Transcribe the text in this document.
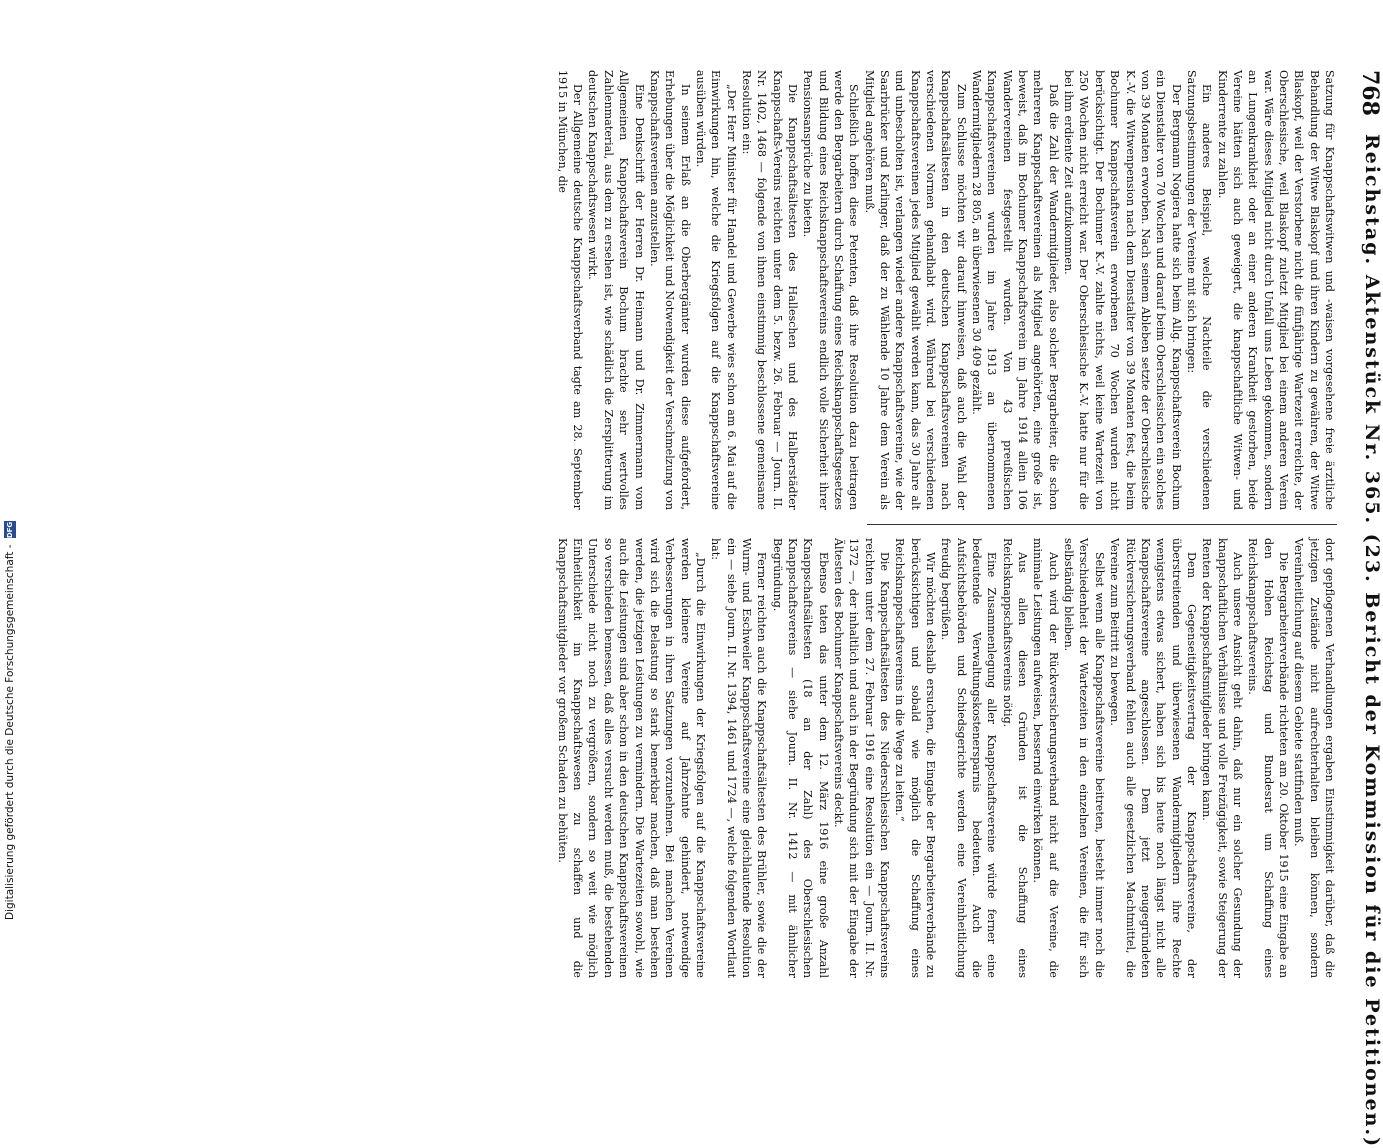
768
Reichstag. Aktenstück Nr. 365. (23. Bericht der Kommission für die Petitionen.)

Satzung für Knappschaftswitwen und -waisen vorgesehene freie ärztliche Behandlung der Witwe Blaskopf und ihren Kindern zu gewähren, der Witwe Blaskopf, weil der Verstorbene nicht die fünfjährige Wartezeit erreichte, der Oberschlesische, weil Blaskopf zuletzt Mitglied bei einem anderen Verein war. Wäre dieses Mitglied nicht durch Unfall ums Leben gekommen, sondern an Lungenkrankheit oder an einer anderen Krankheit gestorben, beide Vereine hätten sich auch geweigert, die knappschaftliche Witwen- und Kinderrente zu zahlen.

Ein anderes Beispiel, welche Nachteile die verschiedenen Satzungsbestimmungen der Vereine mit sich bringen:

Der Bergmann Nogiera hatte sich beim Allg. Knappschaftsverein Bochum ein Dienstalter von 70 Wochen und darauf beim Oberschlesischen ein solches von 39 Monaten erworben. Nach seinem Ableben setzte der Oberschlesische K.-V. die Witwenpension nach dem Dienstalter von 39 Monaten fest, die beim Bochumer Knappschaftsverein erworbenen 70 Wochen wurden nicht berücksichtigt. Der Bochumer K.-V. zahlte nichts, weil keine Wartezeit von 250 Wochen nicht erreicht war. Der Oberschlesische K.-V. hatte nur für die bei ihm erdiente Zeit aufzukommen.

Daß die Zahl der Wandermitglieder, also solcher Bergarbeiter, die schon mehreren Knappschaftsvereinen als Mitglied angehörten, eine große ist, beweist, daß im Bochumer Knappschaftsverein im Jahre 1914 allein 106 Wandervereinen festgestellt wurden. Von 43 preußischen Knappschaftsvereinen wurden im Jahre 1913 an übernommenen Wandermitgliedern 28 805, an überwiesenen 30 409 gezählt.

Zum Schlusse möchten wir darauf hinweisen, daß auch die Wahl der Knappschaftsältesten in den deutschen Knappschaftsvereinen nach verschiedenen Normen gehandhabt wird. Während bei verschiedenen Knappschaftsvereinen jedes Mitglied gewählt werden kann, das 30 Jahre alt und unbescholten ist, verlangen wieder andere Knappschaftsvereine, wie der Saarbrücker und Karlinger, daß der zu Wählende 10 Jahre dem Verein als Mitglied angehören muß.

Schließlich hoffen diese Petenten, daß ihre Resolution dazu beitragen werde den Bergarbeitern durch Schaffung eines Reichsknappschaftsgesetzes und Bildung eines Reichsknappschaftsvereins endlich volle Sicherheit ihrer Pensionsansprüche zu bieten.

Die Knappschaftsältesten des Halleschen und des Halberstädter Knappschafts-Vereins reichten unter dem 5. bezw. 26. Februar — Journ. II. Nr. 1402, 1468 — folgende von ihnen einstimmig beschlossene gemeinsame Resolution ein:

„Der Herr Minister für Handel und Gewerbe wies schon am 6. Mai auf die Einwirkungen hin, welche die Kriegsfolgen auf die Knappschaftsvereine ausüben würden.

In seinem Erlaß an die Oberbergämter wurden diese aufgefordert, Erhebungen über die Möglichkeit und Notwendigkeit der Verschmelzung von Knappschaftsvereinen anzustellen.

Eine Denkschrift der Herren Dr. Heimann und Dr. Zimmermann vom Allgemeinen Knappschaftsverein Bochum brachte sehr wertvolles Zahlenmaterial, aus dem zu ersehen ist, wie schädlich die Zersplitterung im deutschen Knappschaftswesen wirkt.

Der Allgemeine deutsche Knappschaftsverband tagte am 28. September 1915 in München, die

dort gepflogenen Verhandlungen ergaben Einstimmigkeit darüber, daß die jetzigen Zustände nicht aufrechterhalten bleiben können, sondern Vereinheitlichung auf diesem Gebiete stattfinden muß.

Die Bergarbeiterverbände richteten am 20. Oktober 1915 eine Eingabe an den Hohen Reichstag und Bundesrat um Schaffung eines Reichsknappschaftsvereins.

Auch unsere Ansicht geht dahin, daß nur ein solcher Gesundung der knappschaftlichen Verhältnisse und volle Freizügigkeit, sowie Steigerung der Renten der Knappschaftsmitglieder bringen kann.

Dem Gegenseitigkeitsvertrag der Knappschaftsvereine, der überstreitenden und überwiesenen Wandermitgliedern ihre Rechte wenigstens etwas sichert, haben sich bis heute noch längst nicht alle Knappschaftsvereine angeschlossen. Dem jetzt neugegründeten Rückversicherungsverband fehlen auch alle gesetzlichen Machtmittel, die Vereine zum Beitritt zu bewegen.

Selbst wenn alle Knappschaftsvereine beitreten, besteht immer noch die Verschiedenheit der Wartezeiten in den einzelnen Vereinen, die für sich selbständig bleiben.

Auch wird der Rückversicherungsverband nicht auf die Vereine, die minimale Leistungen aufweisen, bessernd einwirken können.

Aus allen diesen Gründen ist die Schaffung eines Reichsknappschaftsvereins nötig.

Eine Zusammenlegung aller Knappschaftsvereine würde ferner eine bedeutende Verwaltungskostenersparnis bedeuten. Auch die Aufsichtsbehörden und Schiedsgerichte werden eine Vereinheitlichung freudig begrüßen.

Wir möchten deshalb ersuchen, die Eingabe der Bergarbeiterverbände zu berücksichtigen und sobald wie möglich die Schaffung eines Reichsknappschaftsvereins in die Wege zu leiten.“

Die Knappschaftsältesten des Niederschlesischen Knappschaftsvereins reichten unter dem 27. Februar 1916 eine Resolution ein — Journ. II. Nr. 1372 —, der inhaltlich und auch in der Begründung sich mit der Eingabe der Ältesten des Bochumer Knappschaftsvereins deckt.

Ebenso taten das unter dem 12. März 1916 eine große Anzahl Knappschaftsältesten (18 an der Zahl) des Oberschlesischen Knappschaftsvereins — siehe Journ. II. Nr. 1412 — mit ähnlicher Begründung.

Ferner reichten auch die Knappschaftsältesten des Brühler, sowie die der Wurm- und Eschweiler Knappschaftsvereine eine gleichlautende Resolution ein — siehe Journ. II. Nr. 1394, 1461 und 1724 —, welche folgenden Wortlaut hat:

„Durch die Einwirkungen der Kriegsfolgen auf die Knappschaftsvereine werden kleinere Vereine auf Jahrzehnte gehindert, notwendige Verbesserungen in ihren Satzungen vorzunehmen. Bei manchen Vereinen wird sich die Belastung so stark bemerkbar machen, daß man bestehen werden, die jetzigen Leistungen zu vermindern. Die Wartezeiten sowohl, wie auch die Leistungen sind aber schon in den deutschen Knappschaftsvereinen so verschieden bemessen, daß alles versucht werden muß, die bestehenden Unterschiede nicht noch zu vergrößern, sondern so weit wie möglich Einheitlichkeit im Knappschaftswesen zu schaffen und die Knappschaftsmitglieder vor großem Schaden zu behüten.

Digitalisierung gefördert durch die Deutsche Forschungsgemeinschaft -
DFG
